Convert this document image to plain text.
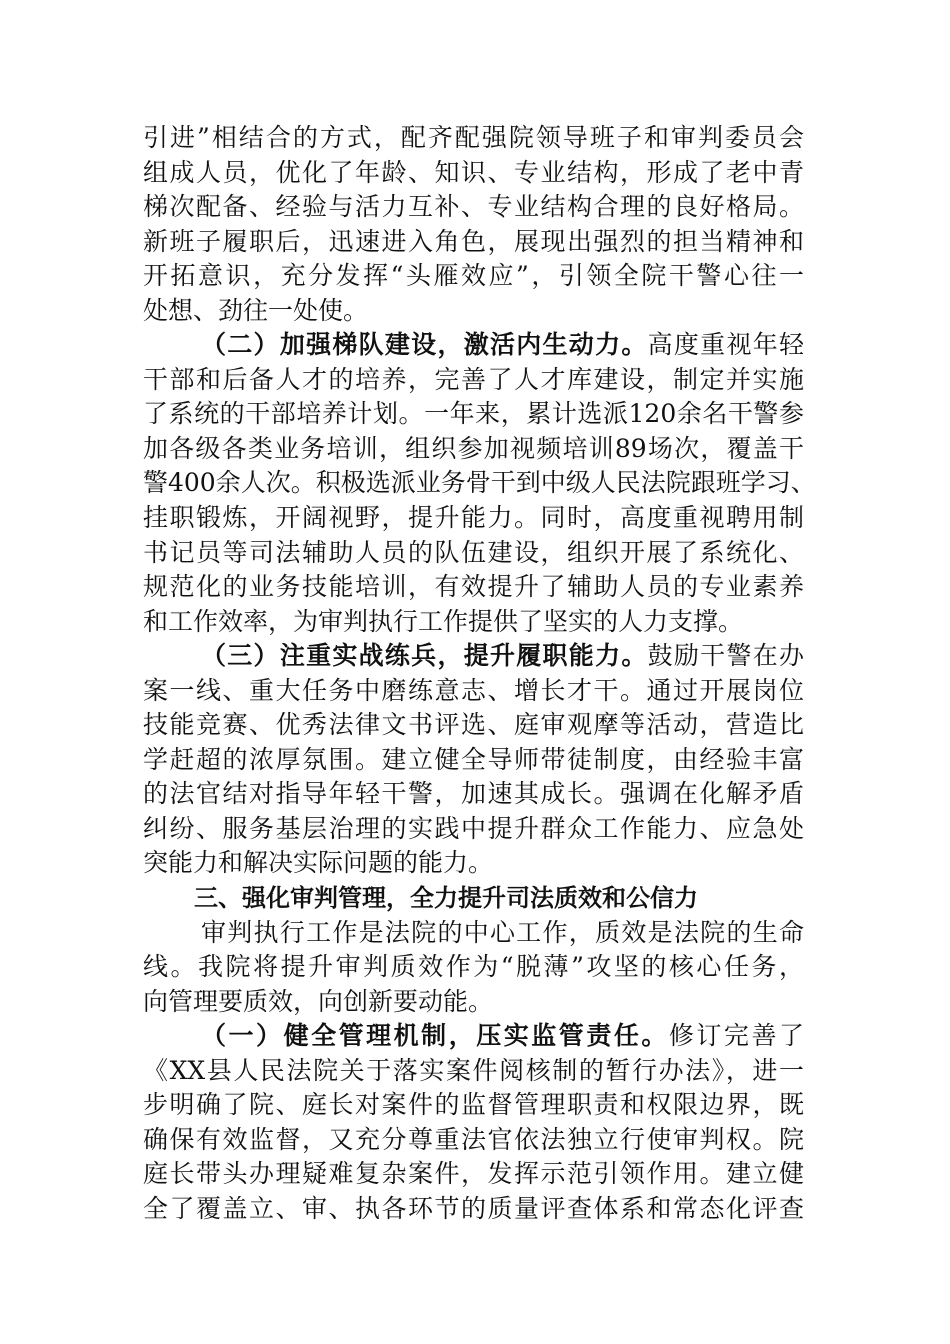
引进”相结合的方式，配齐配强院领导班子和审判委员会
组成人员，优化了年龄、知识、专业结构，形成了老中青
梯次配备、经验与活力互补、专业结构合理的良好格局。
新班子履职后，迅速进入角色，展现出强烈的担当精神和
开拓意识，充分发挥“头雁效应”，引领全院干警心往一
处想、劲往一处使。
（二）加强梯队建设，激活内生动力。高度重视年轻
干部和后备人才的培养，完善了人才库建设，制定并实施
了系统的干部培养计划。一年来，累计选派120余名干警参
加各级各类业务培训，组织参加视频培训89场次，覆盖干
警400余人次。积极选派业务骨干到中级人民法院跟班学习、
挂职锻炼，开阔视野，提升能力。同时，高度重视聘用制
书记员等司法辅助人员的队伍建设，组织开展了系统化、
规范化的业务技能培训，有效提升了辅助人员的专业素养
和工作效率，为审判执行工作提供了坚实的人力支撑。
（三）注重实战练兵，提升履职能力。鼓励干警在办
案一线、重大任务中磨练意志、增长才干。通过开展岗位
技能竞赛、优秀法律文书评选、庭审观摩等活动，营造比
学赶超的浓厚氛围。建立健全导师带徒制度，由经验丰富
的法官结对指导年轻干警，加速其成长。强调在化解矛盾
纠纷、服务基层治理的实践中提升群众工作能力、应急处
突能力和解决实际问题的能力。
三、强化审判管理，全力提升司法质效和公信力
审判执行工作是法院的中心工作，质效是法院的生命
线。我院将提升审判质效作为“脱薄”攻坚的核心任务，
向管理要质效，向创新要动能。
（一）健全管理机制，压实监管责任。修订完善了
《XX县人民法院关于落实案件阅核制的暂行办法》，进一
步明确了院、庭长对案件的监督管理职责和权限边界，既
确保有效监督，又充分尊重法官依法独立行使审判权。院
庭长带头办理疑难复杂案件，发挥示范引领作用。建立健
全了覆盖立、审、执各环节的质量评查体系和常态化评查
